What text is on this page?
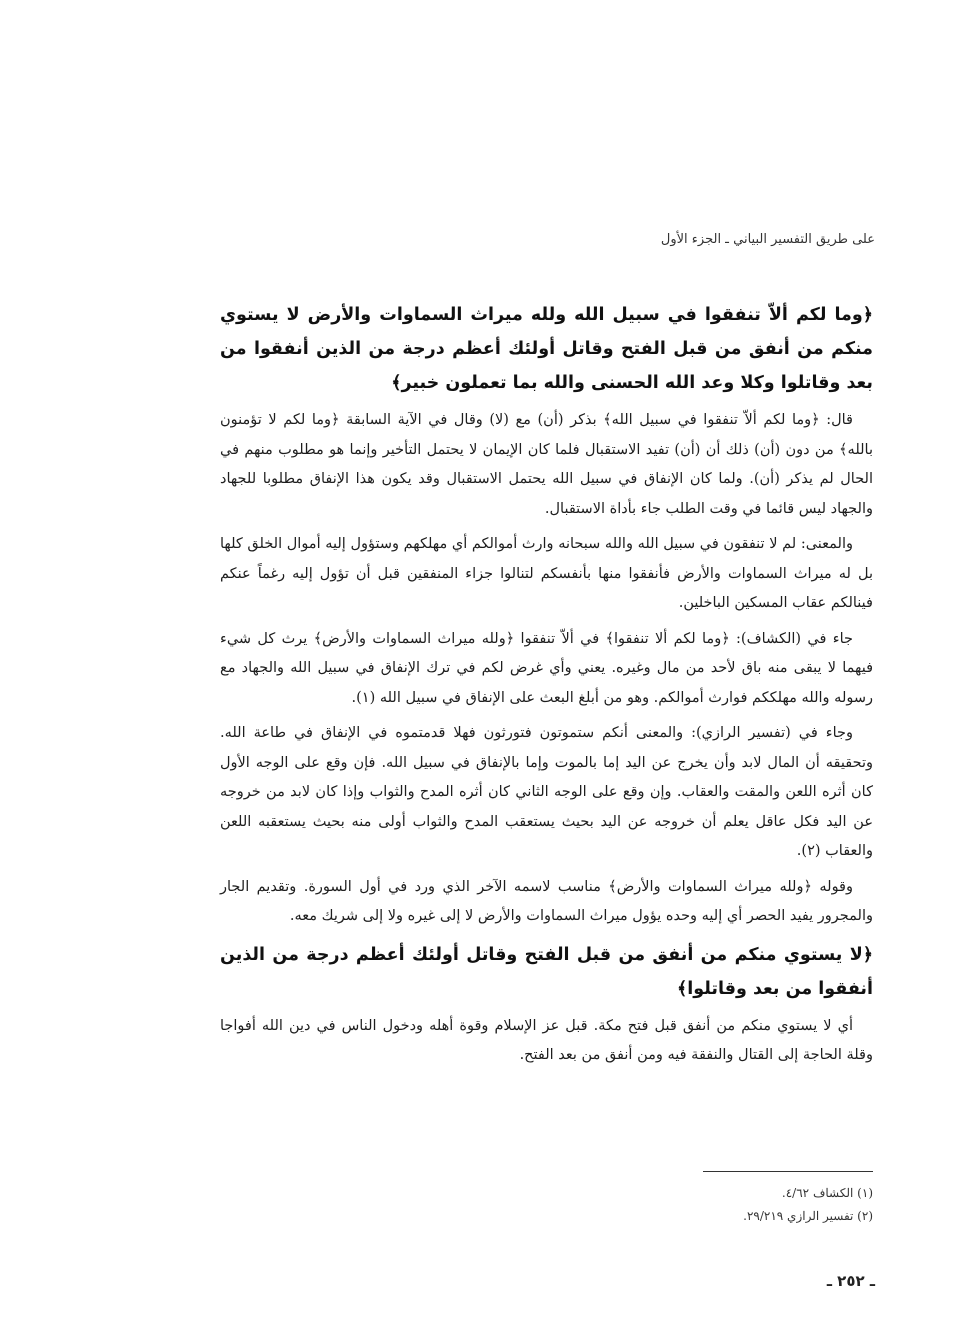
على طريق التفسير البياني ـ الجزء الأول

﴿وما لكم ألاّ تنفقوا في سبيل الله ولله ميراث السماوات والأرض لا يستوي منكم من أنفق من قبل الفتح وقاتل أولئك أعظم درجة من الذين أنفقوا من بعد وقاتلوا وكلا وعد الله الحسنى والله بما تعملون خبير﴾

قال: ﴿وما لكم ألاّ تنفقوا في سبيل الله﴾ بذكر (أن) مع (لا) وقال في الآية السابقة ﴿وما لكم لا تؤمنون بالله﴾ من دون (أن) ذلك أن (أن) تفيد الاستقبال فلما كان الإيمان لا يحتمل التأخير وإنما هو مطلوب منهم في الحال لم يذكر (أن). ولما كان الإنفاق في سبيل الله يحتمل الاستقبال وقد يكون هذا الإنفاق مطلوبا للجهاد والجهاد ليس قائما في وقت الطلب جاء بأداة الاستقبال.

والمعنى: لم لا تنفقون في سبيل الله والله سبحانه وارث أموالكم أي مهلكهم وستؤول إليه أموال الخلق كلها بل له ميراث السماوات والأرض فأنفقوا منها بأنفسكم لتنالوا جزاء المنفقين قبل أن تؤول إليه رغماً عنكم فينالكم عقاب المسكين الباخلين.

جاء في (الكشاف): ﴿وما لكم ألا تنفقوا﴾ في ألاّ تنفقوا ﴿ولله ميراث السماوات والأرض﴾ يرث كل شيء فيهما لا يبقى منه باق لأحد من مال وغيره. يعني وأي غرض لكم في ترك الإنفاق في سبيل الله والجهاد مع رسوله والله مهلككم فوارث أموالكم. وهو من أبلغ البعث على الإنفاق في سبيل الله (١).

وجاء في (تفسير الرازي): والمعنى أنكم ستموتون فتورثون فهلا قدمتموه في الإنفاق في طاعة الله. وتحقيقه أن المال لابد وأن يخرج عن اليد إما بالموت وإما بالإنفاق في سبيل الله. فإن وقع على الوجه الأول كان أثره اللعن والمقت والعقاب. وإن وقع على الوجه الثاني كان أثره المدح والثواب وإذا كان لابد من خروجه عن اليد فكل عاقل يعلم أن خروجه عن اليد بحيث يستعقب المدح والثواب أولى منه بحيث يستعقبه اللعن والعقاب (٢).

وقوله ﴿ولله ميراث السماوات والأرض﴾ مناسب لاسمه الآخر الذي ورد في أول السورة. وتقديم الجار والمجرور يفيد الحصر أي إليه وحده يؤول ميراث السماوات والأرض لا إلى غيره ولا إلى شريك معه.

﴿لا يستوي منكم من أنفق من قبل الفتح وقاتل أولئك أعظم درجة من الذين أنفقوا من بعد وقاتلوا﴾

أي لا يستوي منكم من أنفق قبل فتح مكة. قبل عز الإسلام وقوة أهله ودخول الناس في دين الله أفواجا وقلة الحاجة إلى القتال والنفقة فيه ومن أنفق من بعد الفتح.

(١) الكشاف ٤/٦٢.

(٢) تفسير الرازي ٢٩/٢١٩.

ـ ٢٥٢ ـ
